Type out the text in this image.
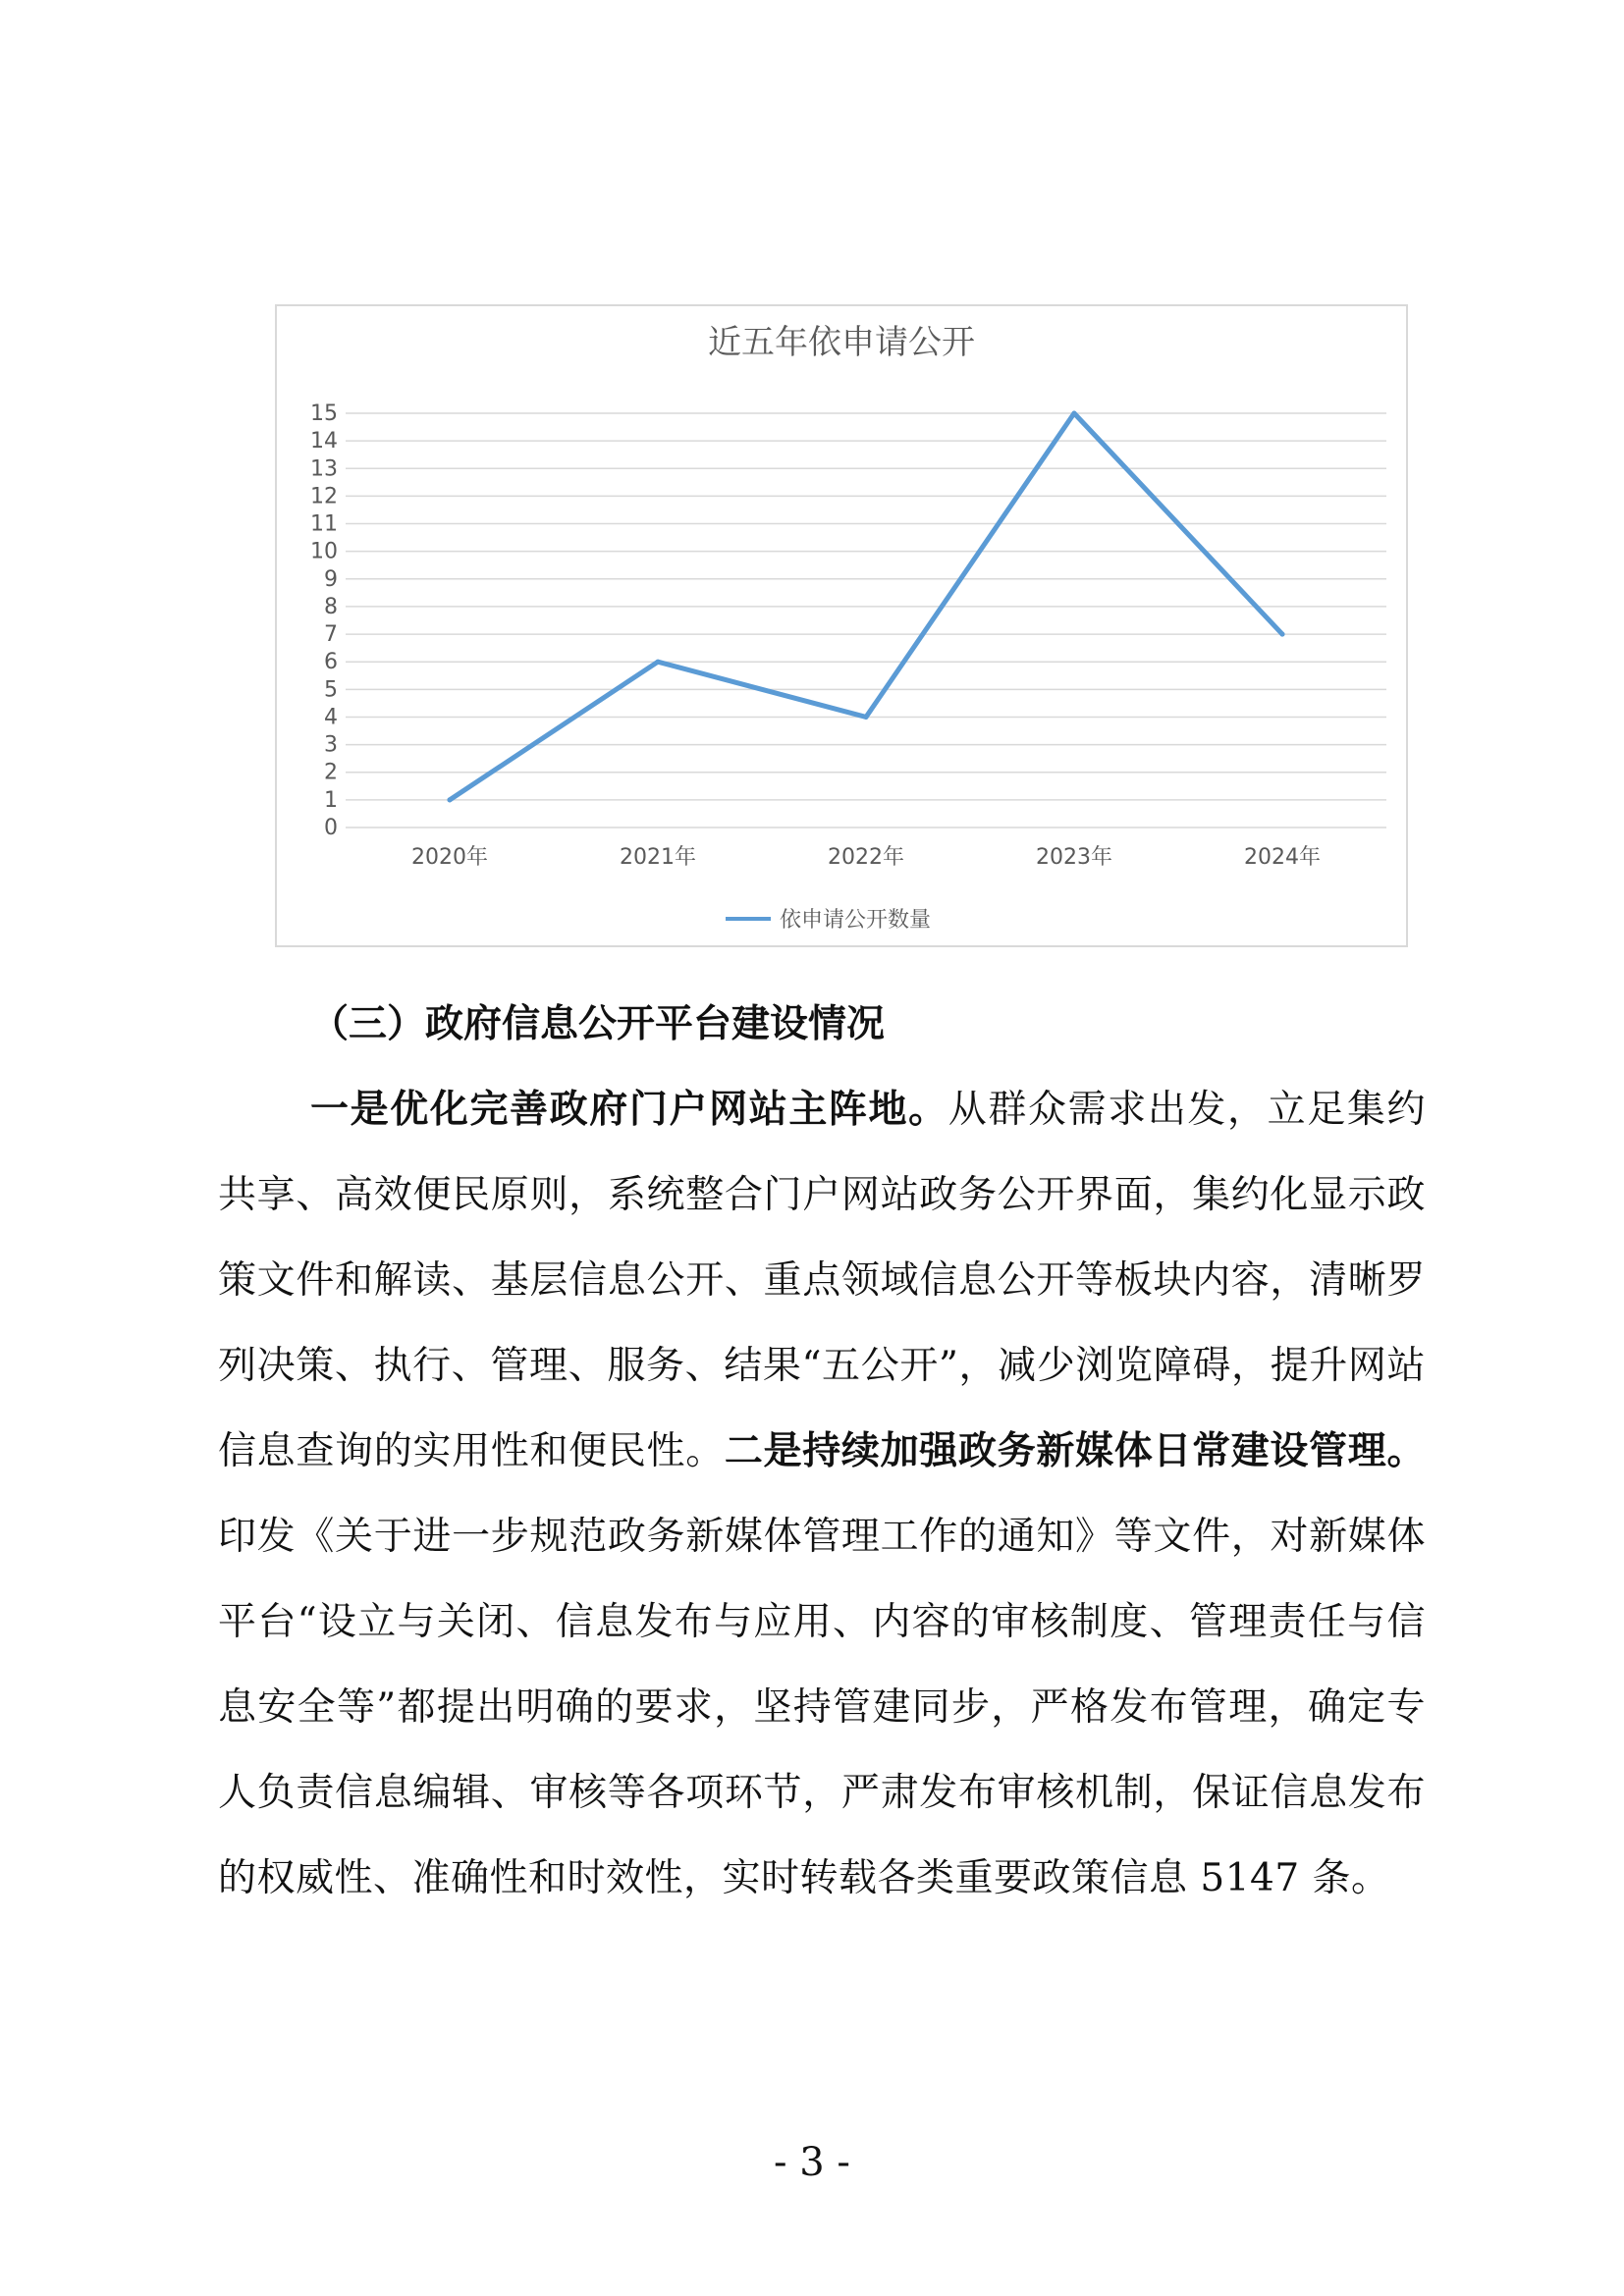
近五年依申请公开
0
1
2
3
4
5
6
7
8
9
10
11
12
13
14
15
2020年	2021年	2022年	2023年	2024年
依申请公开数量

（三）政府信息公开平台建设情况

一是优化完善政府门户网站主阵地。从群众需求出发，立足集约共享、高效便民原则，系统整合门户网站政务公开界面，集约化显示政策文件和解读、基层信息公开、重点领域信息公开等板块内容，清晰罗列决策、执行、管理、服务、结果“五公开”，减少浏览障碍，提升网站信息查询的实用性和便民性。二是持续加强政务新媒体日常建设管理。印发《关于进一步规范政务新媒体管理工作的通知》等文件，对新媒体平台“设立与关闭、信息发布与应用、内容的审核制度、管理责任与信息安全等”都提出明确的要求，坚持管建同步，严格发布管理，确定专人负责信息编辑、审核等各项环节，严肃发布审核机制，保证信息发布的权威性、准确性和时效性，实时转载各类重要政策信息 5147 条。

- 3 -
